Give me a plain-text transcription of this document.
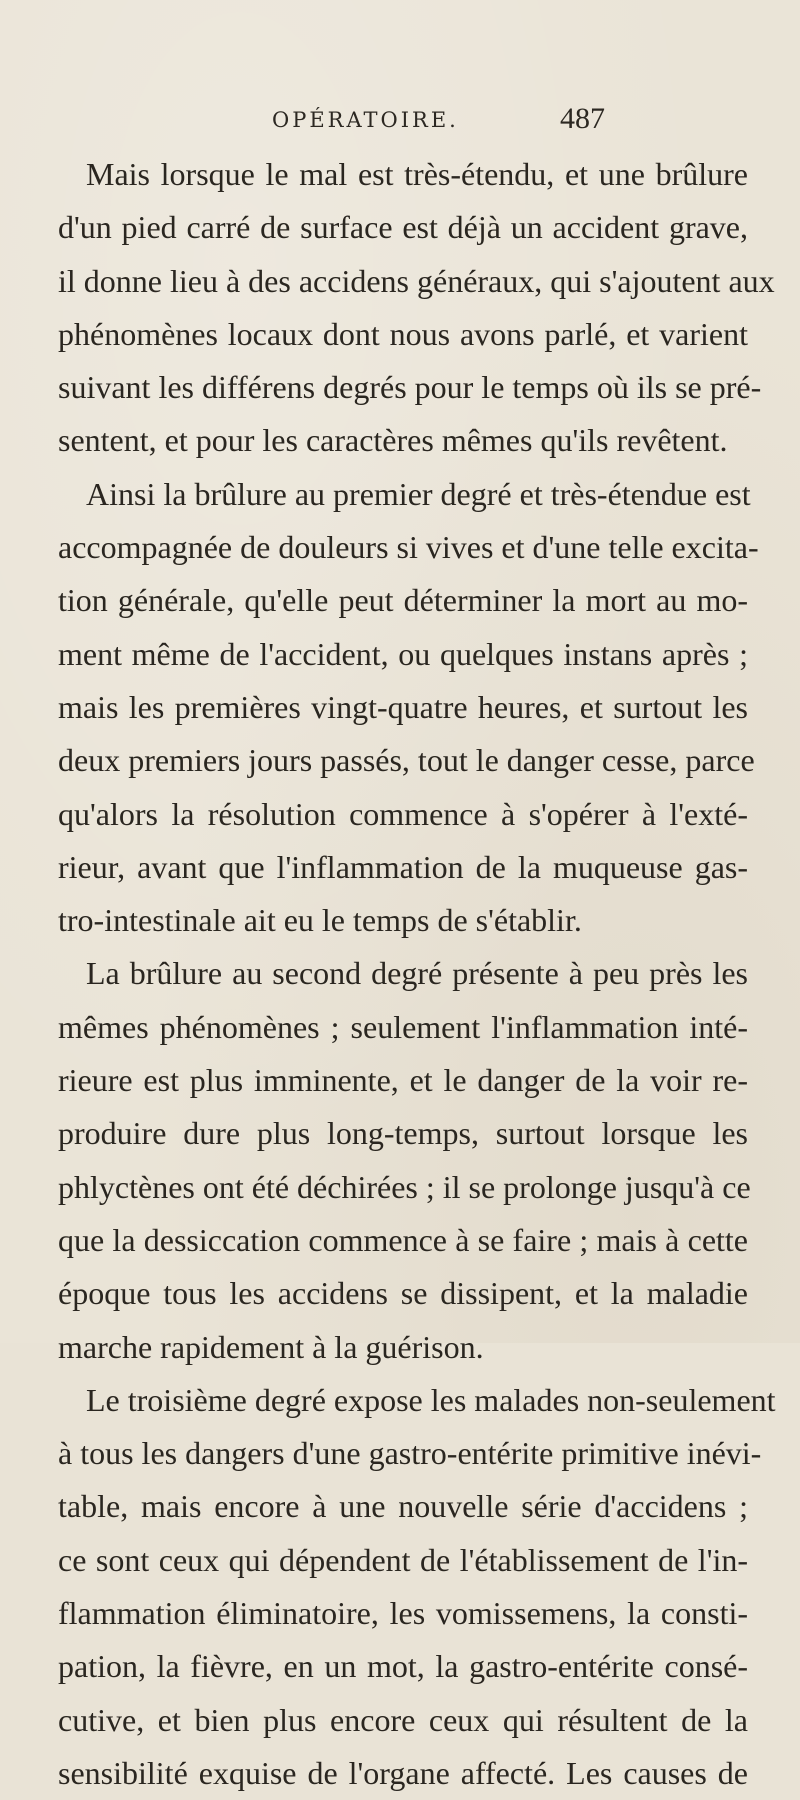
OPÉRATOIRE.	487
Mais lorsque le mal est très-étendu, et une brûlure
d'un pied carré de surface est déjà un accident grave,
il donne lieu à des accidens généraux, qui s'ajoutent aux
phénomènes locaux dont nous avons parlé, et varient
suivant les différens degrés pour le temps où ils se pré-
sentent, et pour les caractères mêmes qu'ils revêtent.
Ainsi la brûlure au premier degré et très-étendue est
accompagnée de douleurs si vives et d'une telle excita-
tion générale, qu'elle peut déterminer la mort au mo-
ment même de l'accident, ou quelques instans après ;
mais les premières vingt-quatre heures, et surtout les
deux premiers jours passés, tout le danger cesse, parce
qu'alors la résolution commence à s'opérer à l'exté-
rieur, avant que l'inflammation de la muqueuse gas-
tro-intestinale ait eu le temps de s'établir.
La brûlure au second degré présente à peu près les
mêmes phénomènes ; seulement l'inflammation inté-
rieure est plus imminente, et le danger de la voir re-
produire dure plus long-temps, surtout lorsque les
phlyctènes ont été déchirées ; il se prolonge jusqu'à ce
que la dessiccation commence à se faire ; mais à cette
époque tous les accidens se dissipent, et la maladie
marche rapidement à la guérison.
Le troisième degré expose les malades non-seulement
à tous les dangers d'une gastro-entérite primitive inévi-
table, mais encore à une nouvelle série d'accidens ;
ce sont ceux qui dépendent de l'établissement de l'in-
flammation éliminatoire, les vomissemens, la consti-
pation, la fièvre, en un mot, la gastro-entérite consé-
cutive, et bien plus encore ceux qui résultent de la
sensibilité exquise de l'organe affecté. Les causes de
